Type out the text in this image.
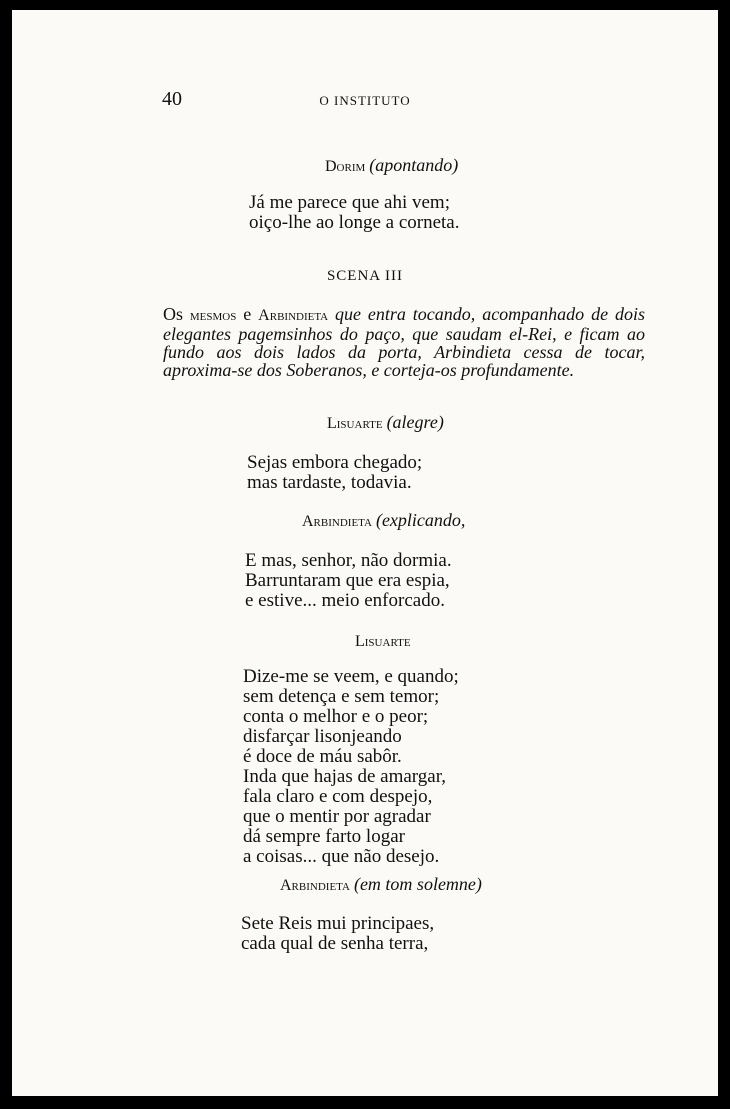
40	O INSTITUTO
Dorim (apontando)
Já me parece que ahi vem;
oiço-lhe ao longe a corneta.
SCENA III
Os mesmos e Arbindieta que entra tocando, acompanhado de dois elegantes pagemsinhos do paço, que saudam el-Rei, e ficam ao fundo aos dois lados da porta, Arbindieta cessa de tocar, aproxima-se dos Soberanos, e corteja-os profundamente.
Lisuarte (alegre)
Sejas embora chegado;
mas tardaste, todavia.
Arbindieta (explicando,
E mas, senhor, não dormia.
Barruntaram que era espia,
e estive... meio enforcado.
Lisuarte
Dize-me se veem, e quando;
sem detença e sem temor;
conta o melhor e o peor;
disfarçar lisonjeando
é doce de máu sabôr.
Inda que hajas de amargar,
fala claro e com despejo,
que o mentir por agradar
dá sempre farto logar
a coisas... que não desejo.
Arbindieta (em tom solemne)
Sete Reis mui principaes,
cada qual de senha terra,
